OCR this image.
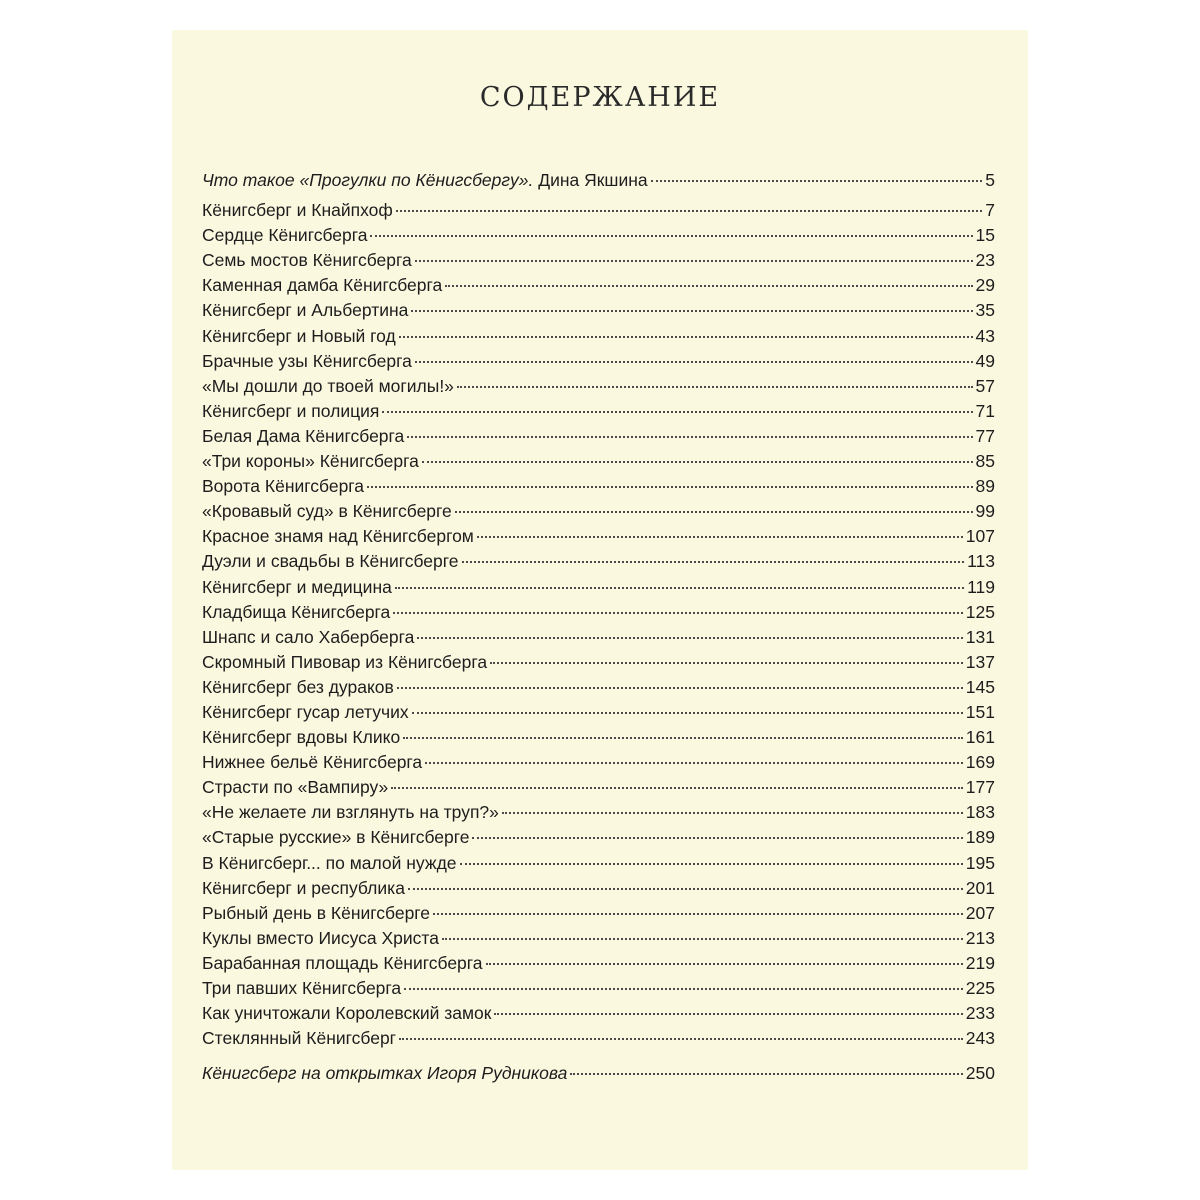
СОДЕРЖАНИЕ
Что такое «Прогулки по Кёнигсбергу». Дина Якшина	5
Кёнигсберг и Кнайпхоф	7
Сердце Кёнигсберга	15
Семь мостов Кёнигсберга	23
Каменная дамба Кёнигсберга	29
Кёнигсберг и Альбертина	35
Кёнигсберг и Новый год	43
Брачные узы Кёнигсберга	49
«Мы дошли до твоей могилы!»	57
Кёнигсберг и полиция	71
Белая Дама Кёнигсберга	77
«Три короны» Кёнигсберга	85
Ворота Кёнигсберга	89
«Кровавый суд» в Кёнигсберге	99
Красное знамя над Кёнигсбергом	107
Дуэли и свадьбы в Кёнигсберге	113
Кёнигсберг и медицина	119
Кладбища Кёнигсберга	125
Шнапс и сало Хаберберга	131
Скромный Пивовар из Кёнигсберга	137
Кёнигсберг без дураков	145
Кёнигсберг гусар летучих	151
Кёнигсберг вдовы Клико	161
Нижнее бельё Кёнигсберга	169
Страсти по «Вампиру»	177
«Не желаете ли взглянуть на труп?»	183
«Старые русские» в Кёнигсберге	189
В Кёнигсберг... по малой нужде	195
Кёнигсберг и республика	201
Рыбный день в Кёнигсберге	207
Куклы вместо Иисуса Христа	213
Барабанная площадь Кёнигсберга	219
Три павших Кёнигсберга	225
Как уничтожали Королевский замок	233
Стеклянный Кёнигсберг	243
Кёнигсберг на открытках Игоря Рудникова	250
